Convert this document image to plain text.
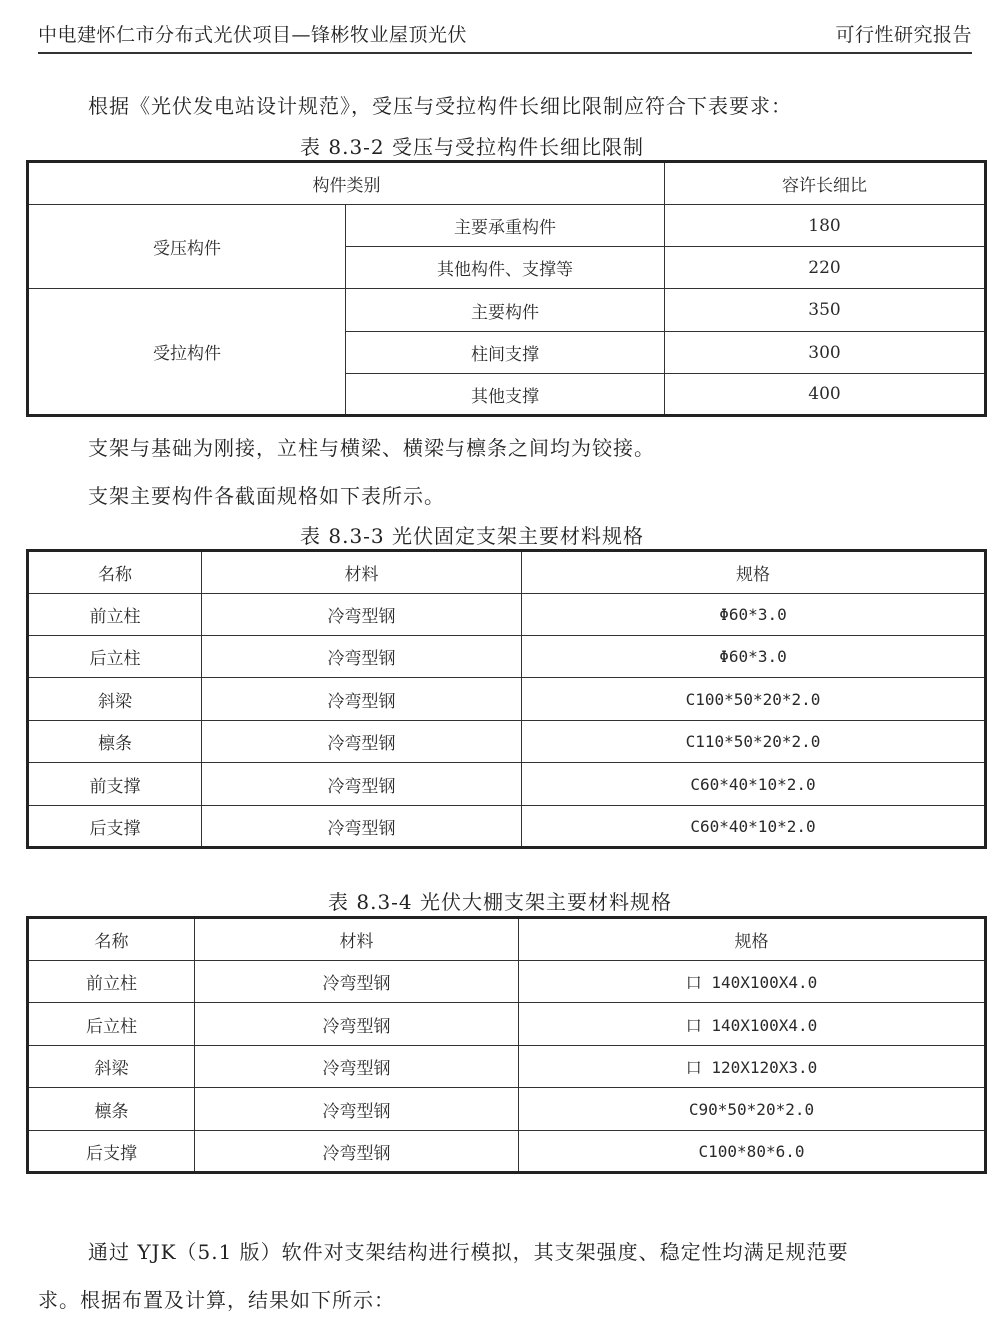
中电建怀仁市分布式光伏项目—锋彬牧业屋顶光伏	可行性研究报告
根据《光伏发电站设计规范》，受压与受拉构件长细比限制应符合下表要求：
表 8.3-2 受压与受拉构件长细比限制
构件类别		容许长细比
受压构件	主要承重构件	180
	其他构件、支撑等	220
受拉构件	主要构件	350
	柱间支撑	300
	其他支撑	400
支架与基础为刚接，立柱与横梁、横梁与檩条之间均为铰接。
支架主要构件各截面规格如下表所示。
表 8.3-3 光伏固定支架主要材料规格
名称	材料	规格
前立柱	冷弯型钢	Φ60*3.0
后立柱	冷弯型钢	Φ60*3.0
斜梁	冷弯型钢	C100*50*20*2.0
檩条	冷弯型钢	C110*50*20*2.0
前支撑	冷弯型钢	C60*40*10*2.0
后支撑	冷弯型钢	C60*40*10*2.0
表 8.3-4 光伏大棚支架主要材料规格
名称	材料	规格
前立柱	冷弯型钢	口 140X100X4.0
后立柱	冷弯型钢	口 140X100X4.0
斜梁	冷弯型钢	口 120X120X3.0
檩条	冷弯型钢	C90*50*20*2.0
后支撑	冷弯型钢	C100*80*6.0
通过 YJK（5.1 版）软件对支架结构进行模拟，其支架强度、稳定性均满足规范要
求。根据布置及计算，结果如下所示：
